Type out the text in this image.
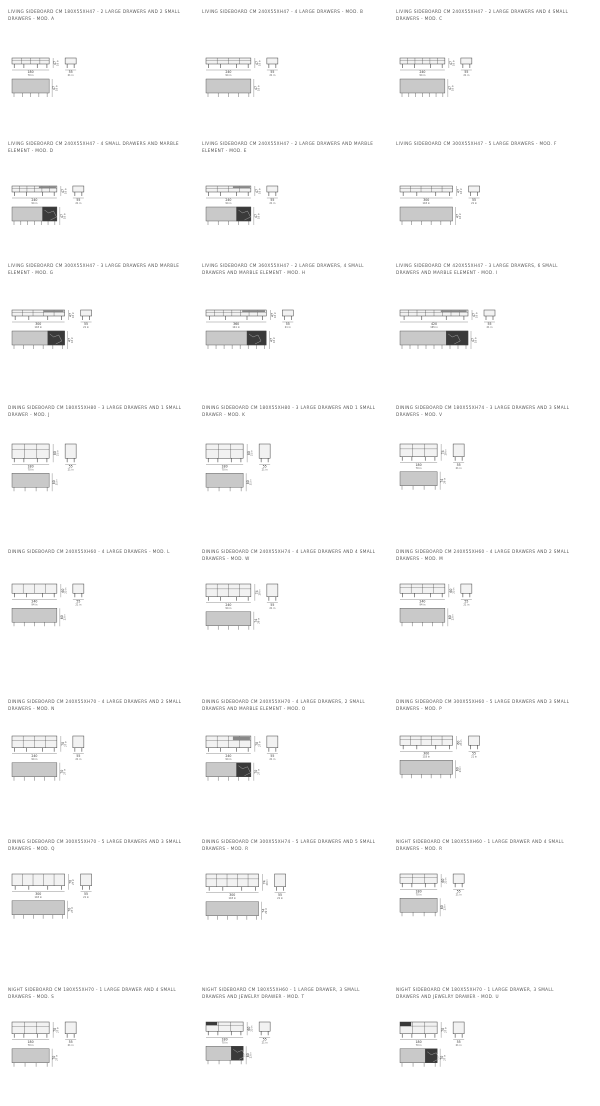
LIVING SIDEBOARD CM 180X55XH47 - 2 LARGE DRAWERS AND 2 SMALL DRAWERS - MOD. A
180
70 in
47 18 in
55
21 in
47 18 in
LIVING SIDEBOARD CM 240X55XH47 - 4 LARGE DRAWERS - MOD. B
240
94 in
47 18 in
55
21 in
47 18 in
LIVING SIDEBOARD CM 240X55XH47 - 2 LARGE DRAWERS AND 4 SMALL DRAWERS - MOD. C
240
94 in
47 18 in
55
21 in
47 18 in
LIVING SIDEBOARD CM 240X55XH47 - 4 SMALL DRAWERS AND MARBLE ELEMENT - MOD. D
240
94 in
47 18 in
55
21 in
47 18 in
LIVING SIDEBOARD CM 240X55XH47 - 2 LARGE DRAWERS AND MARBLE ELEMENT - MOD. E
240
94 in
47 18 in
55
21 in
47 18 in
LIVING SIDEBOARD CM 300X55XH47 - 5 LARGE DRAWERS - MOD. F
300
118 in
47 18 in
55
21 in
47 18 in
LIVING SIDEBOARD CM 300X55XH47 - 3 LARGE DRAWERS AND MARBLE ELEMENT - MOD. G
300
118 in
47 18 in
55
21 in
47 18 in
LIVING SIDEBOARD CM 360X55XH47 - 2 LARGE DRAWERS, 4 SMALL DRAWERS AND MARBLE ELEMENT - MOD. H
360
141 in
47 18 in
55
21 in
47 18 in
LIVING SIDEBOARD CM 420X55XH47 - 3 LARGE DRAWERS, 6 SMALL DRAWERS AND MARBLE ELEMENT - MOD. I
420
165 in
47 18 in
55
21 in
47 18 in
DINING SIDEBOARD CM 180X55XH80 - 3 LARGE DRAWERS AND 1 SMALL DRAWER - MOD. J
180
70 in
80 31 in
55
21 in
80 31 in
DINING SIDEBOARD CM 180X55XH80 - 3 LARGE DRAWERS AND 1 SMALL DRAWER - MOD. K
180
70 in
80 31 in
55
21 in
80 31 in
DINING SIDEBOARD CM 180X55XH74 - 3 LARGE DRAWERS AND 3 SMALL DRAWERS - MOD. V
180
70 in
74 29 in
55
21 in
74 29 in
DINING SIDEBOARD CM 240X55XH60 - 4 LARGE DRAWERS - MOD. L
240
94 in
60 23 in
55
21 in
60 23 in
DINING SIDEBOARD CM 240X55XH74 - 4 LARGE DRAWERS AND 4 SMALL DRAWERS - MOD. W
240
94 in
74 29 in
55
21 in
74 29 in
DINING SIDEBOARD CM 240X55XH60 - 4 LARGE DRAWERS AND 2 SMALL DRAWERS - MOD. M
240
94 in
60 23 in
55
21 in
60 23 in
DINING SIDEBOARD CM 240X55XH70 - 4 LARGE DRAWERS AND 2 SMALL DRAWERS - MOD. N
240
94 in
70 27 in
55
21 in
70 27 in
DINING SIDEBOARD CM 240X55XH70 - 4 LARGE DRAWERS, 2 SMALL DRAWERS AND MARBLE ELEMENT - MOD. O
240
94 in
70 27 in
55
21 in
70 27 in
DINING SIDEBOARD CM 300X55XH60 - 5 LARGE DRAWERS AND 3 SMALL DRAWERS - MOD. P
300
118 in
60 23 in
55
21 in
60 23 in
DINING SIDEBOARD CM 300X55XH70 - 5 LARGE DRAWERS AND 3 SMALL DRAWERS - MOD. Q
300
118 in
70 27 in
55
21 in
70 27 in
DINING SIDEBOARD CM 300X55XH74 - 5 LARGE DRAWERS AND 5 SMALL DRAWERS - MOD. R
300
118 in
74 29 in
55
21 in
74 29 in
NIGHT SIDEBOARD CM 180X55XH60 - 1 LARGE DRAWER AND 4 SMALL DRAWERS - MOD. R
180
70 in
60 23 in
55
21 in
60 23 in
NIGHT SIDEBOARD CM 180X55XH70 - 1 LARGE DRAWER AND 4 SMALL DRAWERS - MOD. S
180
70 in
70 27 in
55
21 in
70 27 in
NIGHT SIDEBOARD CM 180X55XH60 - 1 LARGE DRAWER, 3 SMALL DRAWERS AND JEWELRY DRAWER - MOD. T
180
70 in
60 23 in
55
21 in
60 23 in
NIGHT SIDEBOARD CM 180X55XH70 - 1 LARGE DRAWER, 3 SMALL DRAWERS AND JEWELRY DRAWER - MOD. U
180
70 in
70 27 in
55
21 in
70 27 in
